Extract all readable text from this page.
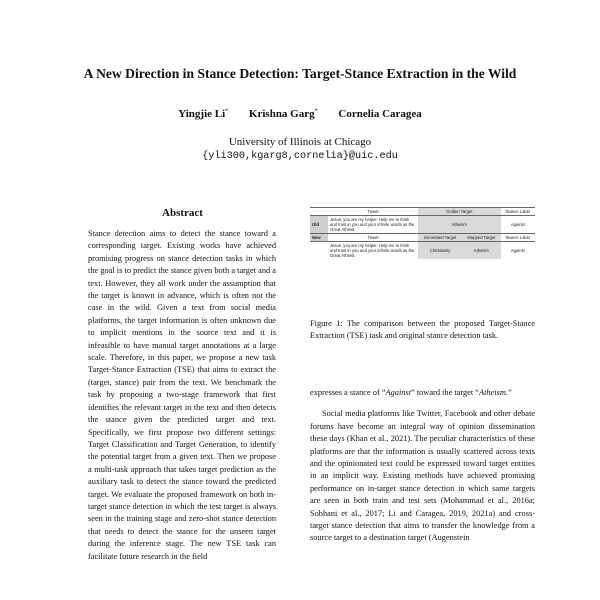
A New Direction in Stance Detection: Target-Stance Extraction in the Wild
Yingjie Li* Krishna Garg* Cornelia Caragea
University of Illinois at Chicago
{yli300,kgarg8,cornelia}@uic.edu
Abstract
Stance detection aims to detect the stance toward a corresponding target. Existing works have achieved promising progress on stance detection tasks in which the goal is to predict the stance given both a target and a text. However, they all work under the assumption that the target is known in advance, which is often not the case in the wild. Given a text from social media platforms, the target information is often unknown due to implicit mentions in the source text and it is infeasible to have manual target annotations at a large scale. Therefore, in this paper, we propose a new task Target-Stance Extraction (TSE) that aims to extract the (target, stance) pair from the text. We benchmark the task by proposing a two-stage framework that first identifies the relevant target in the text and then detects the stance given the predicted target and text. Specifically, we first propose two different settings: Target Classification and Target Generation, to identify the potential target from a given text. Then we propose a multi-task approach that takes target prediction as the auxiliary task to detect the stance toward the predicted target. We evaluate the proposed framework on both in-target stance detection in which the test target is always seen in the training stage and zero-shot stance detection that needs to detect the stance for the unseen target during the inference stage. The new TSE task can facilitate future research in the field
	Tweet	Golden Target		Stance Label
Old	Jesus, you are my helper. Help me to think and trust in you and your infinite words as the Great Atheist.	Atheism		Against
New	Tweet	Generated Target	Mapped Target	Stance Label
	Jesus, you are my helper. Help me to think and trust in you and your infinite words as the Great Atheist.	Christianity	Atheism	Against
Figure 1: The comparison between the proposed Target-Stance Extraction (TSE) task and original stance detection task.

expresses a stance of “Against” toward the target “Atheism.”

Social media platforms like Twitter, Facebook and other debate forums have become an integral way of opinion dissemination these days (Khan et al., 2021). The peculiar characteristics of these platforms are that the information is usually scattered across texts and the opinionated text could be expressed toward target entities in an implicit way. Existing methods have achieved promising performance on in-target stance detection in which same targets are seen in both train and test sets (Mohammad et al., 2016a; Sobhani et al., 2017; Li and Caragea, 2019, 2021a) and cross-target stance detection that aims to transfer the knowledge from a source target to a destination target (Augenstein
